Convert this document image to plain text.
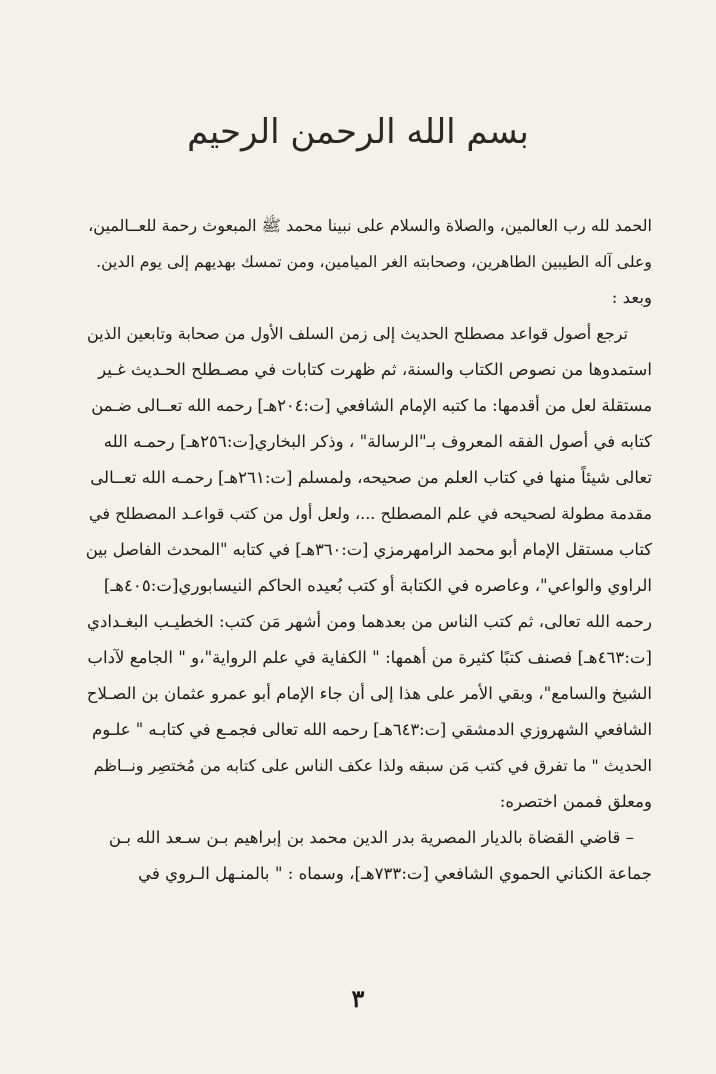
بسم الله الرحمن الرحيم
الحمد لله رب العالمين، والصلاة والسلام على نبينا محمد ﷺ المبعوث رحمة للعــالمين،
وعلى آله الطيبين الطاهرين، وصحابته الغر الميامين، ومن تمسك بهديهم إلى يوم الدين.
وبعد :
ترجع أصول قواعد مصطلح الحديث إلى زمن السلف الأول من صحابة وتابعين الذين
استمدوها من نصوص الكتاب والسنة، ثم ظهرت كتابات في مصـطلح الحـديث غـير
مستقلة لعل من أقدمها: ما كتبه الإمام الشافعي [ت:٢٠٤هـ] رحمه الله تعــالى ضـمن
كتابه في أصول الفقه المعروف بـ"الرسالة" ، وذكر البخاري[ت:٢٥٦هـ] رحمـه الله
تعالى شيئاً منها في كتاب العلم من صحيحه، ولمسلم [ت:٢٦١هـ] رحمـه الله تعــالى
مقدمة مطولة لصحيحه في علم المصطلح ...، ولعل أول من كتب قواعـد المصطلح في
كتاب مستقل الإمام أبو محمد الرامهرمزي [ت:٣٦٠هـ] في كتابه "المحدث الفاصل بين
الراوي والواعي"، وعاصره في الكتابة أو كتب بُعيده الحاكم النيسابوري[ت:٤٠٥هـ]
رحمه الله تعالى، ثم كتب الناس من بعدهما ومن أشهر مَن كتب: الخطيـب البغـدادي
[ت:٤٦٣هـ] فصنف كتبًا كثيرة من أهمها: " الكفاية في علم الرواية"،و " الجامع لآداب
الشيخ والسامع"، وبقي الأمر على هذا إلى أن جاء الإمام أبو عمرو عثمان بن الصـلاح
الشافعي الشهروزي الدمشقي [ت:٦٤٣هـ] رحمه الله تعالى فجمـع في كتابـه " علـوم
الحديث " ما تفرق في كتب مَن سبقه ولذا عكف الناس على كتابه من مُختصِر ونــاظم
ومعلق فممن اختصره:
– قاضي القضاة بالديار المصرية بدر الدين محمد بن إبراهيم بـن سـعد الله بـن
جماعة الكناني الحموي الشافعي [ت:٧٣٣هـ]، وسماه : " بالمنـهل الـروي في
٣
